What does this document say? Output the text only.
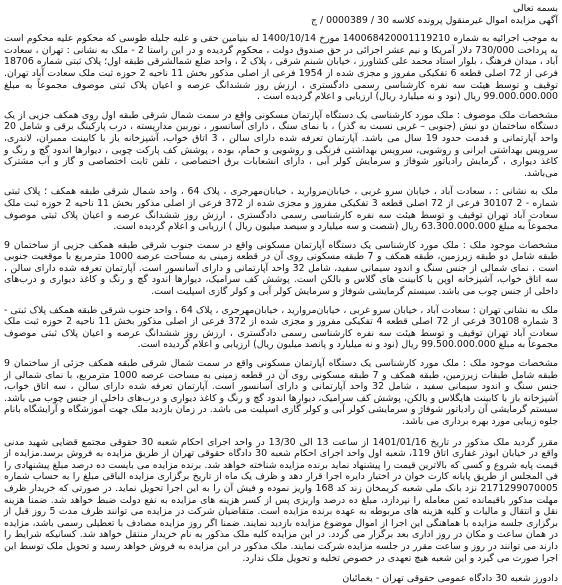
بسمه تعالی

آگهی مزایده اموال غیرمنقول پرونده کلاسه 30 / 0000389 / ج

به موجب اجرائیه به شماره 140068420001119210 مورخ 1400/10/14 له بنیامین حقی و علیه جلیله طوسی که محکوم علیه محکوم است به پرداخت 730/000 دلار آمریکا و نیم عشر اجرائی در حق صندوق دولت ، محکوم گردیده و در این راستا 2 - ملک به نشانی : تهران ، سعادت آباد ، میدان فرهنگ ، بلوار استاد محمد علی کشاورز ، خیابان شبنم شرقی ، پلاک 2 ، واحد ضلع شمالشرقی طبقه اول؛ پلاک ثبتی شماره 18706 فرعی از 72 اصلی قطعه 6 تفکیکی مفروز و مجزی شده از 1954 فرعی از اصلی مذکور بخش 11 ناحیه 2 حوزه ثبت ملک سعادت آباد تهران. توقیف و توسط هیئت سه نفره کارشناسی رسمی دادگستری ، ارزش روز ششدانگ عرصه و اعیان پلاک ثبتی موصوف مجموعاً به مبلغ 99.000.000.000 ریال (نود و نه میلیارد ریال) ارزیابی و اعلام گردیده است .

مشخصات ملک موصوف : ملک مورد کارشناسی یک دستگاه آپارتمان مسکونی واقع در سمت شمال شرقی طبقه اول روی همکف جزیی از یک دستگاه ساختمان دو نبش (جنوبی – غربی نسبت به گذر) ، با نمای سنگ ، دارای آسانسور ، نوربین مدارپسته ، درب پارکینگ برقی و شامل 20 واحد آپارتمانی و قدمت حدود 19 سال می باشد. آپارتمان تعرفه شده دارای سالن ، 3 اتاق خواب، آشپزخانه باز با کابینت ممبران، لاندری، سرویس بهداشتی ایرانی و روشویی، سرویس بهداشتی فرنگی و روشویی و حمام، بوده ، پوشش کف پارکت چوبی ، دیوارها اندود گچ و رنگ و کاغذ دیواری ، گرمایش رادیاتور شوفاژ و سرمایش کولر آبی ، دارای انشعابات برق اختصاصی ، تلفن ثابت اختصاصی و گاز و آب مشترک می‌باشد.

ملک به نشانی : ، سعادت آباد ، خیابان سرو غربی ، خیابان‌مروارید ، خیابان‌مهرجری ، پلاک 64 ، واحد شمال شرقی طبقه همکف ؛ پلاک ثبتی شماره - 2 30107 فرعی از 72 اصلی قطعه 3 تفکیکی مفروز و مجزی شده از 372 فرعی از اصلی مذکور بخش 11 ناحیه 2 حوزه ثبت ملک سعادت آباد تهران توقیف و توسط هیئت سه نفره کارشناسی رسمی دادگستری ، ارزش روز ششدانگ عرصه و اعیان پلاک ثبتی موصوف مجموعاً به مبلغ 63.300.000.000 ریال (شصت و سه میلیارد و سیصد میلیون ریال ) ارزیابی و اعلام گردیده است.

مشخصات موجود ملک : ملک مورد کارشناسی یک دستگاه آپارتمان مسکونی واقع در سمت جنوب شرقی طبقه همکف جزیی از ساختمان 9 طبقه شامل دو طبقه زیرزمین، طبقه همکف و 7 طبقه مسکونی روی آن در قطعه زمینی به مساحت عرصه 1000 مترمربع با موقعیت جنوبی است . نمای شمالی از جنس سنگ و اندود سیمانی سفید، شامل 32 واحد آپارتمانی و دارای آسانسور است. آپارتمان تعرفه شده دارای سالن ، سه اتاق خواب، آشپزخانه اوپن با کابینت های گلاس و بالکن است. پوشش کف سرامیک، دیوارها اندود گچ و رنگ و کاغذ دیواری و درب‌های داخلی از جنس چوب می باشد. سیستم گرمایشی شوفاژ و سرمایش کولر آبی و کولر گازی اسپلیت است.

ملک به نشانی تهران : سعادت آباد ، خیابان سرو غربی ، خیابان‌مروارید ، خیابان‌مهرجری ، پلاک 64 ، واحد جنوب شرقی طبقه همکف پلاک ثبتی - 3 شماره 30108 فرعی از 72 اصلی قطعه 4 تفکیکی مفروز و مجزی شده از 372 فرعی از اصلی مذکور بخش 11 ناحیه 2 حوزه ثبت ملک سعادت آباد تهران توقیف و توسط هیئت سه نفره کارشناسی رسمی دادگستری ، ارزش روز ششدانگ عرصه و اعیان پلاک ثبتی موصوف مجموعاً به مبلغ 99.500.000.000 ریال (نود و نه میلیارد و پانصد میلیون ریال) ارزیابی و اعلام گردیده است.

مشخصات موجود ملک : ملک مورد کارشناسی یک دستگاه آپارتمان مسکونی واقع در سمت شمال شرقی طبقه همکف جزئی از ساختمان 9 طبقه شامل طبقات زیرزمین، طبقه همکف و 7 طبقه مسکونی روی آن در قطعه زمینی به مساحت عرصه 1000 مترمربع، با نمای شمالی از جنس سنگ و اندود سیمانی سفید ، شامل 32 واحد آپارتمانی و دارای آسانسور است. آپارتمان تعرفه شده دارای سالن ، سه اتاق خواب، آشپزخانه باز با کابینت هایگلاس و بالکن، پوشش کف سرامیک، دیوارها اندود گچ و رنگ و کاغذ دیواری و درب‌های داخلی از جنس چوب می باشد. سیستم گرمایشی آن رادیاتور شوفاژ و سرمایشی کولر آبی و کولر گازی اسپلیت می باشد. در زمان بازدید ملک جهت آموزشگاه و آرایشگاه بانام جلوه زیبایی مورد بهره برداری می باشد.

مقرر گردید ملک مذکور در تاریخ 1401/01/16 از ساعت 13 الی 13/30 در واحد اجرای احکام شعبه 30 حقوقی مجتمع قضایی شهید مدنی واقع در خیابان ابوذر غفاری اتاق 119، شعبه اول واحد اجرای احکام شعبه 30 دادگاه حقوقی تهران از طریق مزایده به فروش برسد.مزایده از قیمت پایه شروع و کسی که بالاترین قیمت را پیشنهاد نماید برنده مزایده شناخته خواهد شد. برنده مزایده می بایست ده درصد مبلغ پیشنهادی را فی المجلس از طریق پایانه کارت خوان در اختیار دایره اجرا قرار دهد و ظرف یک ماه از تاریخ برگزاری مزایده الباقی مبلغ را به حساب شماره 2171299070005 نزد بانک ملی شعبه کریمخان زند کد 168 واریز نموده و فیش آن را به این اجرا تحویل نماید. در صورتی که خریدار ظرف مهلت مذکور باقیمانده ثمن معامله را نپردازد، مبلغ ده درصد واریزی پس از کسر هزینه های مزایده به نفع دولت ضبط خواهد شد. ضمنا هزینه نقل و انتقال و مالیات و کلیه هزینه های مربوطه به عهده برنده مزایده است. متقاضیان شرکت در مزایده می توانند ظرف مدت 5 روز قبل از برگزاری جلسه مزایده با هماهنگی این اجرا از اموال موضوع مزایده بازدید نمایند. ضمنا اگر روز مزایده مصادف با تعطیلی رسمی باشد، مزایده در همان ساعت و مکان در روز اداری بعد برگزار می گردد. در این مزایده کلیه ملک مذکور به نام خریدار منتقل خواهد شد. کسانیکه شرایط را دارند می توانند در روز و ساعت مقرر در جلسه مزایده شرکت نمایند. ملک مذکور در این مزایده به فروش خواهد رسید و تحویل ملک توسط این اجرا صورت می گیرد و این شعبه هیچ تعهدی در خصوص تخلیه و تحویل ملک ندارد.

دادورز شعبه 30 دادگاه عمومی حقوقی تهران - یغمائیان
